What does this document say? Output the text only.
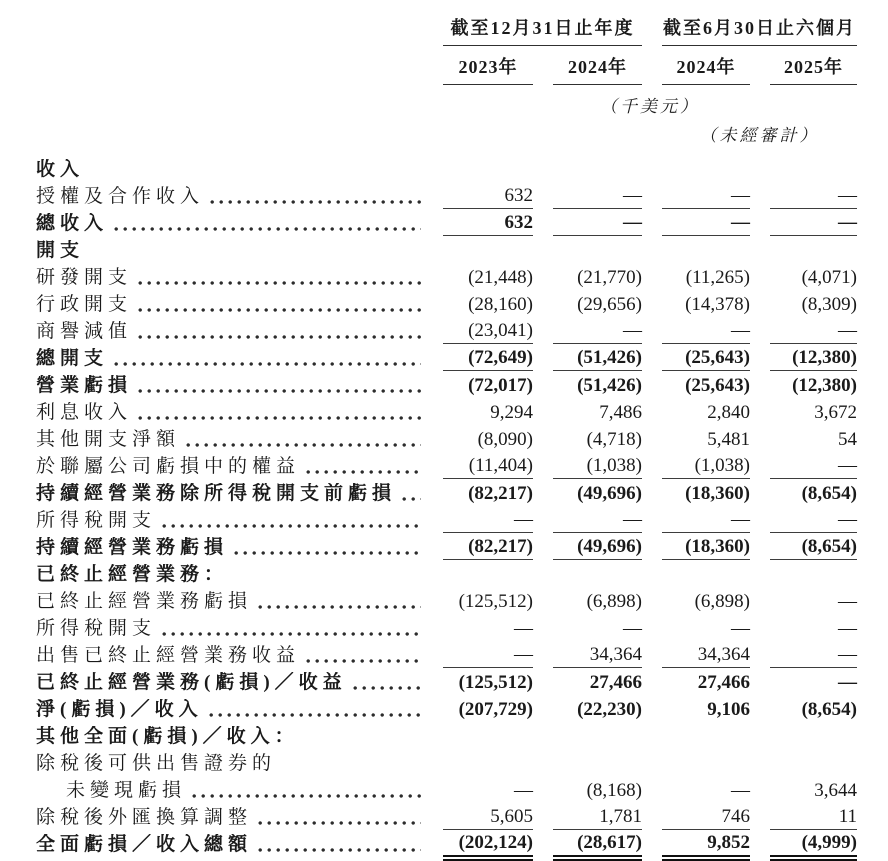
截至12月31日止年度	截至6月30日止六個月
2023年	2024年	2024年	2025年
（千美元）
（未經審計）
收入
授權及合作收入	632	—	—	—
總收入	632	—	—	—
開支
研發開支	(21,448)	(21,770)	(11,265)	(4,071)
行政開支	(28,160)	(29,656)	(14,378)	(8,309)
商譽減值	(23,041)	—	—	—
總開支	(72,649)	(51,426)	(25,643)	(12,380)
營業虧損	(72,017)	(51,426)	(25,643)	(12,380)
利息收入	9,294	7,486	2,840	3,672
其他開支淨額	(8,090)	(4,718)	5,481	54
於聯屬公司虧損中的權益	(11,404)	(1,038)	(1,038)	—
持續經營業務除所得稅開支前虧損	(82,217)	(49,696)	(18,360)	(8,654)
所得稅開支	—	—	—	—
持續經營業務虧損	(82,217)	(49,696)	(18,360)	(8,654)
已終止經營業務：
已終止經營業務虧損	(125,512)	(6,898)	(6,898)	—
所得稅開支	—	—	—	—
出售已終止經營業務收益	—	34,364	34,364	—
已終止經營業務(虧損)／收益	(125,512)	27,466	27,466	—
淨(虧損)／收入	(207,729)	(22,230)	9,106	(8,654)
其他全面(虧損)／收入：
除稅後可供出售證券的
未變現虧損	—	(8,168)	—	3,644
除稅後外匯換算調整	5,605	1,781	746	11
全面虧損／收入總額	(202,124)	(28,617)	9,852	(4,999)
